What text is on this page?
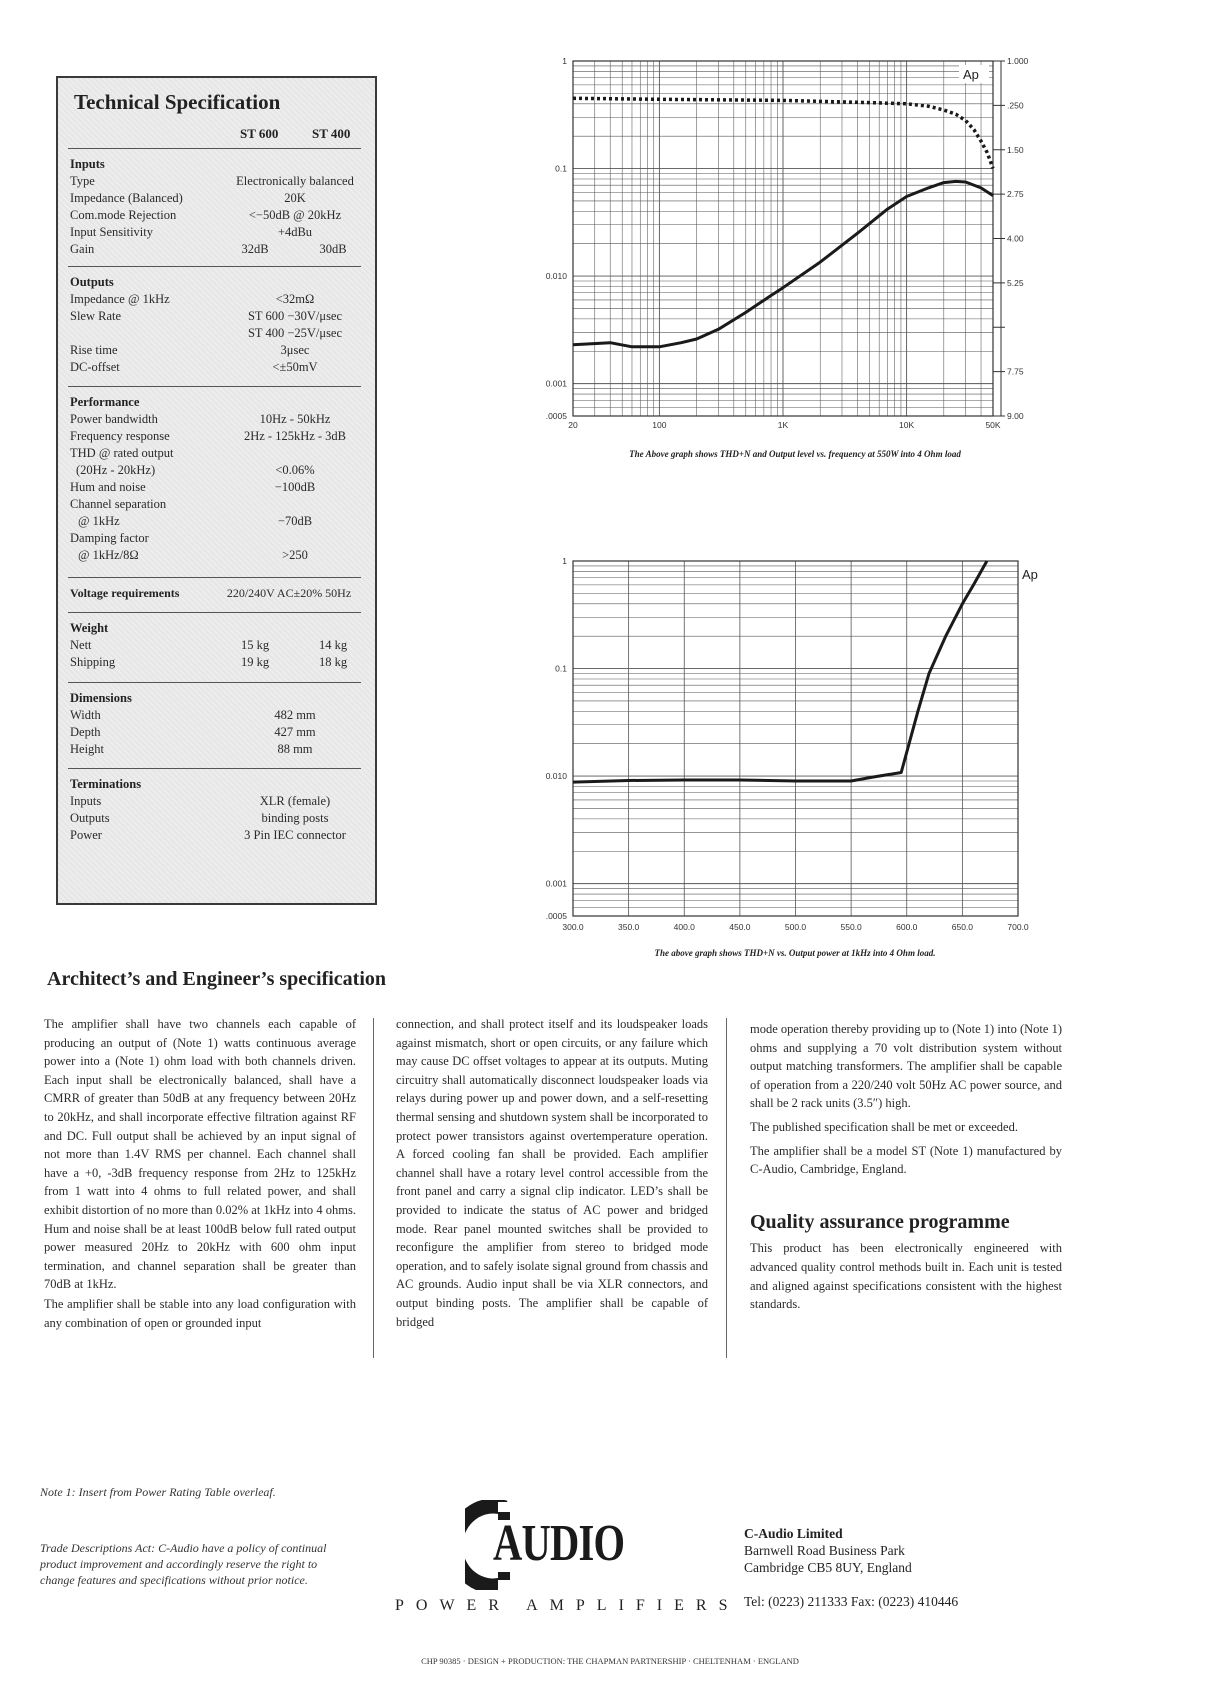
Technical Specification
ST 600	ST 400
Inputs
Type	Electronically balanced
Impedance (Balanced)	20K
Com.mode Rejection	<−50dB @ 20kHz
Input Sensitivity	+4dBu
Gain	32dB	30dB
Outputs
Impedance @ 1kHz	<32mΩ
Slew Rate	ST 600 −30V/μsec
ST 400 −25V/μsec
Rise time	3μsec
DC-offset	<±50mV
Performance
Power bandwidth	10Hz - 50kHz
Frequency response	2Hz - 125kHz - 3dB
THD @ rated output
(20Hz - 20kHz)	<0.06%
Hum and noise	−100dB
Channel separation
@ 1kHz	−70dB
Damping factor
@ 1kHz/8Ω	>250
Voltage requirements	220/240V AC±20% 50Hz
Weight
Nett	15 kg	14 kg
Shipping	19 kg	18 kg
Dimensions
Width	482 mm
Depth	427 mm
Height	88 mm
Terminations
Inputs	XLR (female)
Outputs	binding posts
Power	3 Pin IEC connector
1
0.1
0.010
0.001
.0005
20	100	1K	10K	50K
1.000
.250
1.50
2.75
4.00
5.25
7.75
9.00
Ap
The Above graph shows THD+N and Output level vs. frequency at 550W into 4 Ohm load
1
0.1
0.010
0.001
.0005
300.0	350.0	400.0	450.0	500.0	550.0	600.0	650.0	700.0
Ap
The above graph shows THD+N vs. Output power at 1kHz into 4 Ohm load.
Architect’s and Engineer’s specification

The amplifier shall have two channels each capable of producing an output of (Note 1) watts continuous average power into a (Note 1) ohm load with both channels driven. Each input shall be electronically balanced, shall have a CMRR of greater than 50dB at any frequency between 20Hz to 20kHz, and shall incorporate effective filtration against RF and DC. Full output shall be achieved by an input signal of not more than 1.4V RMS per channel. Each channel shall have a +0, -3dB frequency response from 2Hz to 125kHz from 1 watt into 4 ohms to full related power, and shall exhibit distortion of no more than 0.02% at 1kHz into 4 ohms. Hum and noise shall be at least 100dB below full rated output power measured 20Hz to 20kHz with 600 ohm input termination, and channel separation shall be greater than 70dB at 1kHz.

The amplifier shall be stable into any load configuration with any combination of open or grounded input

connection, and shall protect itself and its loudspeaker loads against mismatch, short or open circuits, or any failure which may cause DC offset voltages to appear at its outputs. Muting circuitry shall automatically disconnect loudspeaker loads via relays during power up and power down, and a self-resetting thermal sensing and shutdown system shall be incorporated to protect power transistors against overtemperature operation. A forced cooling fan shall be provided. Each amplifier channel shall have a rotary level control accessible from the front panel and carry a signal clip indicator. LED’s shall be provided to indicate the status of AC power and bridged mode. Rear panel mounted switches shall be provided to reconfigure the amplifier from stereo to bridged mode operation, and to safely isolate signal ground from chassis and AC grounds. Audio input shall be via XLR connectors, and output binding posts. The amplifier shall be capable of bridged

mode operation thereby providing up to (Note 1) into (Note 1) ohms and supplying a 70 volt distribution system without output matching transformers. The amplifier shall be capable of operation from a 220/240 volt 50Hz AC power source, and shall be 2 rack units (3.5″) high.

The published specification shall be met or exceeded.

The amplifier shall be a model ST (Note 1) manufactured by C-Audio, Cambridge, England.

Quality assurance programme

This product has been electronically engineered with advanced quality control methods built in. Each unit is tested and aligned against specifications consistent with the highest standards.

Note 1: Insert from Power Rating Table overleaf.
Trade Descriptions Act: C-Audio have a policy of continual product improvement and accordingly reserve the right to change features and specifications without prior notice.
AUDIO
POWER AMPLIFIERS
C-Audio Limited
Barnwell Road Business Park
Cambridge CB5 8UY, England
Tel: (0223) 211333 Fax: (0223) 410446
CHP 90385 · DESIGN + PRODUCTION: THE CHAPMAN PARTNERSHIP · CHELTENHAM · ENGLAND
